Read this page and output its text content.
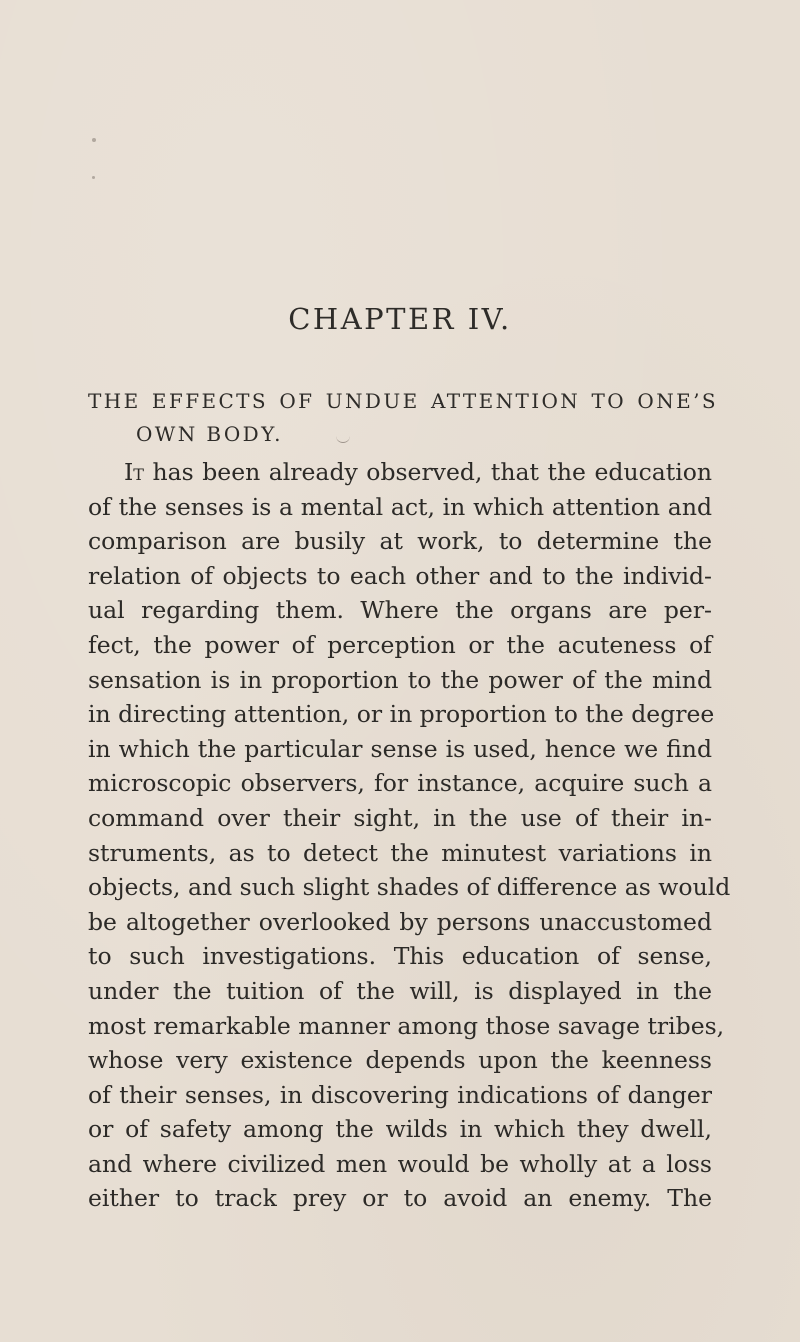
CHAPTER IV.
THE EFFECTS OF UNDUE ATTENTION TO ONE’S
OWN BODY.
It has been already observed, that the education
of the senses is a mental act, in which attention and
comparison are busily at work, to determine the
relation of objects to each other and to the individ-
ual regarding them. Where the organs are per-
fect, the power of perception or the acuteness of
sensation is in proportion to the power of the mind
in directing attention, or in proportion to the degree
in which the particular sense is used, hence we find
microscopic observers, for instance, acquire such a
command over their sight, in the use of their in-
struments, as to detect the minutest variations in
objects, and such slight shades of difference as would
be altogether overlooked by persons unaccustomed
to such investigations. This education of sense,
under the tuition of the will, is displayed in the
most remarkable manner among those savage tribes,
whose very existence depends upon the keenness
of their senses, in discovering indications of danger
or of safety among the wilds in which they dwell,
and where civilized men would be wholly at a loss
either to track prey or to avoid an enemy. The
